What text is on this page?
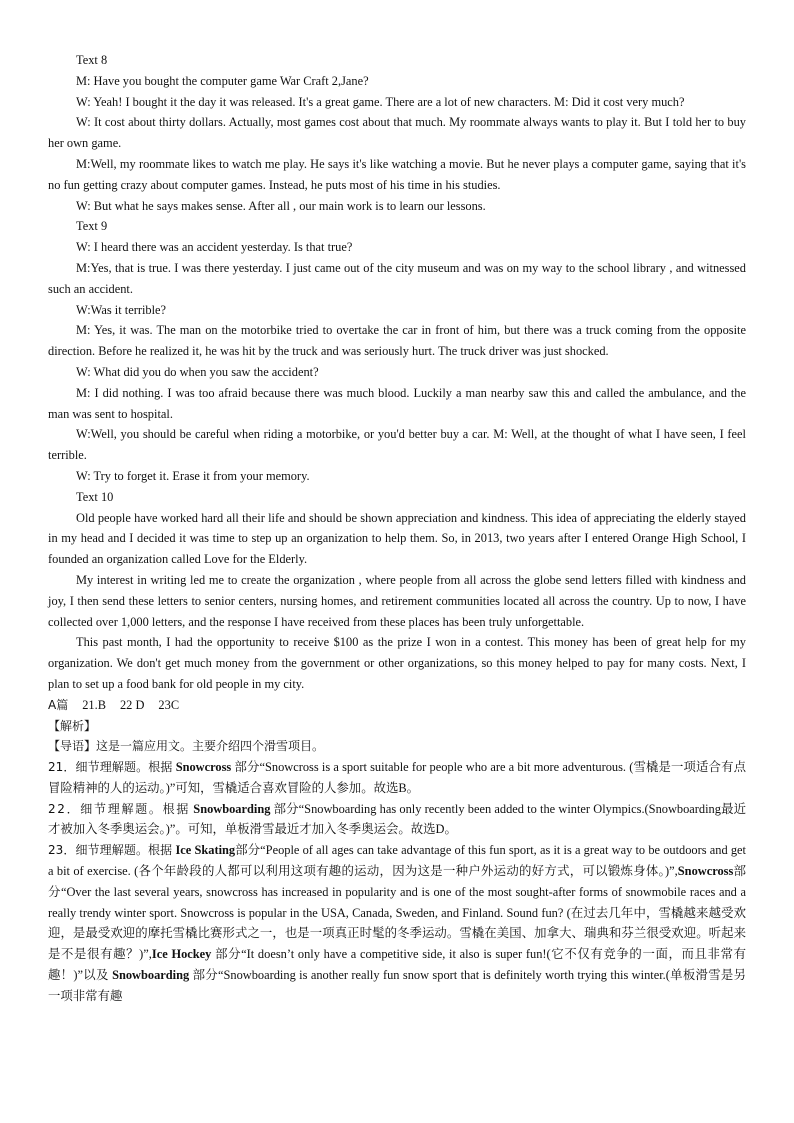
Text 8

M: Have you bought the computer game War Craft 2,Jane?

W: Yeah! I bought it the day it was released. It's a great game. There are a lot of new characters. M: Did it cost very much?

W: It cost about thirty dollars. Actually, most games cost about that much. My roommate always wants to play it. But I told her to buy her own game.

M:Well, my roommate likes to watch me play. He says it's like watching a movie. But he never plays a computer game, saying that it's no fun getting crazy about computer games. Instead, he puts most of his time in his studies.

W: But what he says makes sense. After all , our main work is to learn our lessons.

Text 9

W: I heard there was an accident yesterday. Is that true?

M:Yes, that is true. I was there yesterday. I just came out of the city museum and was on my way to the school library , and witnessed such an accident.

W:Was it terrible?

M: Yes, it was. The man on the motorbike tried to overtake the car in front of him, but there was a truck coming from the opposite direction. Before he realized it, he was hit by the truck and was seriously hurt. The truck driver was just shocked.

W: What did you do when you saw the accident?

M: I did nothing. I was too afraid because there was much blood. Luckily a man nearby saw this and called the ambulance, and the man was sent to hospital.

W:Well, you should be careful when riding a motorbike, or you'd better buy a car. M: Well, at the thought of what I have seen, I feel terrible.

W: Try to forget it. Erase it from your memory.

Text 10

Old people have worked hard all their life and should be shown appreciation and kindness. This idea of appreciating the elderly stayed in my head and I decided it was time to step up an organization to help them. So, in 2013, two years after I entered Orange High School, I founded an organization called Love for the Elderly.

My interest in writing led me to create the organization , where people from all across the globe send letters filled with kindness and joy, I then send these letters to senior centers, nursing homes, and retirement communities located all across the country. Up to now, I have collected over 1,000 letters, and the response I have received from these places has been truly unforgettable.

This past month, I had the opportunity to receive $100 as the prize I won in a contest. This money has been of great help for my organization. We don't get much money from the government or other organizations, so this money helped to pay for many costs. Next, I plan to set up a food bank for old people in my city.

A篇 21.B 22 D 23C

【解析】

【导语】这是一篇应用文。主要介绍四个滑雪项目。

21．细节理解题。根据 Snowcross 部分“Snowcross is a sport suitable for people who are a bit more adventurous. (雪橇是一项适合有点冒险精神的人的运动。)”可知，雪橇适合喜欢冒险的人参加。故选B。

22．细节理解题。根据 Snowboarding 部分“Snowboarding has only recently been added to the winter Olympics.(Snowboarding最近才被加入冬季奥运会。)”。可知，单板滑雪最近才加入冬季奥运会。故选D。

23．细节理解题。根据 Ice Skating部分“People of all ages can take advantage of this fun sport, as it is a great way to be outdoors and get a bit of exercise. (各个年龄段的人都可以利用这项有趣的运动，因为这是一种户外运动的好方式，可以锻炼身体。)”,Snowcross部分“Over the last several years, snowcross has increased in popularity and is one of the most sought-after forms of snowmobile races and a really trendy winter sport. Snowcross is popular in the USA, Canada, Sweden, and Finland. Sound fun? (在过去几年中，雪橇越来越受欢迎，是最受欢迎的摩托雪橇比赛形式之一，也是一项真正时髦的冬季运动。雪橇在美国、加拿大、瑞典和芬兰很受欢迎。听起来是不是很有趣？)”,Ice Hockey 部分“It doesn’t only have a competitive side, it also is super fun!(它不仅有竞争的一面，而且非常有趣！)”以及 Snowboarding 部分“Snowboarding is another really fun snow sport that is definitely worth trying this winter.(单板滑雪是另一项非常有趣
